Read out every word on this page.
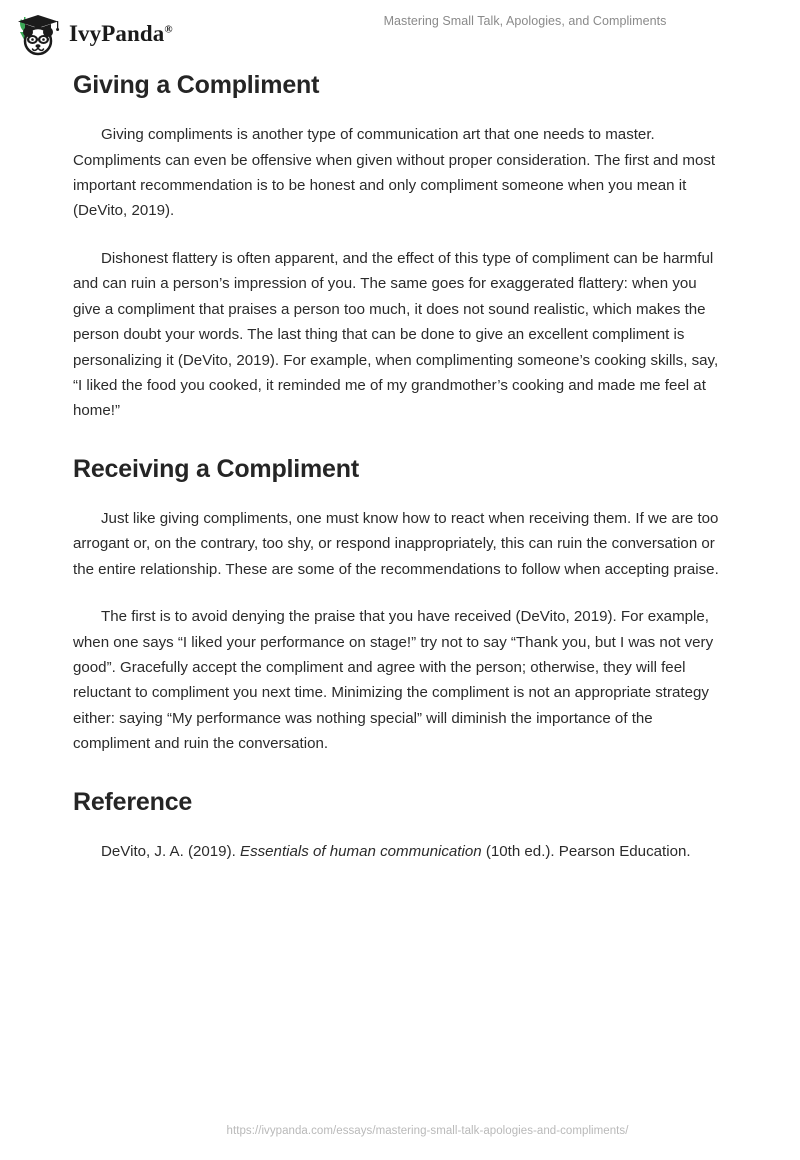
IvyPanda®
Mastering Small Talk, Apologies, and Compliments
Giving a Compliment

Giving compliments is another type of communication art that one needs to master. Compliments can even be offensive when given without proper consideration. The first and most important recommendation is to be honest and only compliment someone when you mean it (DeVito, 2019).

Dishonest flattery is often apparent, and the effect of this type of compliment can be harmful and can ruin a person’s impression of you. The same goes for exaggerated flattery: when you give a compliment that praises a person too much, it does not sound realistic, which makes the person doubt your words. The last thing that can be done to give an excellent compliment is personalizing it (DeVito, 2019). For example, when complimenting someone’s cooking skills, say, “I liked the food you cooked, it reminded me of my grandmother’s cooking and made me feel at home!”

Receiving a Compliment

Just like giving compliments, one must know how to react when receiving them. If we are too arrogant or, on the contrary, too shy, or respond inappropriately, this can ruin the conversation or the entire relationship. These are some of the recommendations to follow when accepting praise.

The first is to avoid denying the praise that you have received (DeVito, 2019). For example, when one says “I liked your performance on stage!” try not to say “Thank you, but I was not very good”. Gracefully accept the compliment and agree with the person; otherwise, they will feel reluctant to compliment you next time. Minimizing the compliment is not an appropriate strategy either: saying “My performance was nothing special” will diminish the importance of the compliment and ruin the conversation.

Reference

DeVito, J. A. (2019). Essentials of human communication (10th ed.). Pearson Education.

https://ivypanda.com/essays/mastering-small-talk-apologies-and-compliments/
